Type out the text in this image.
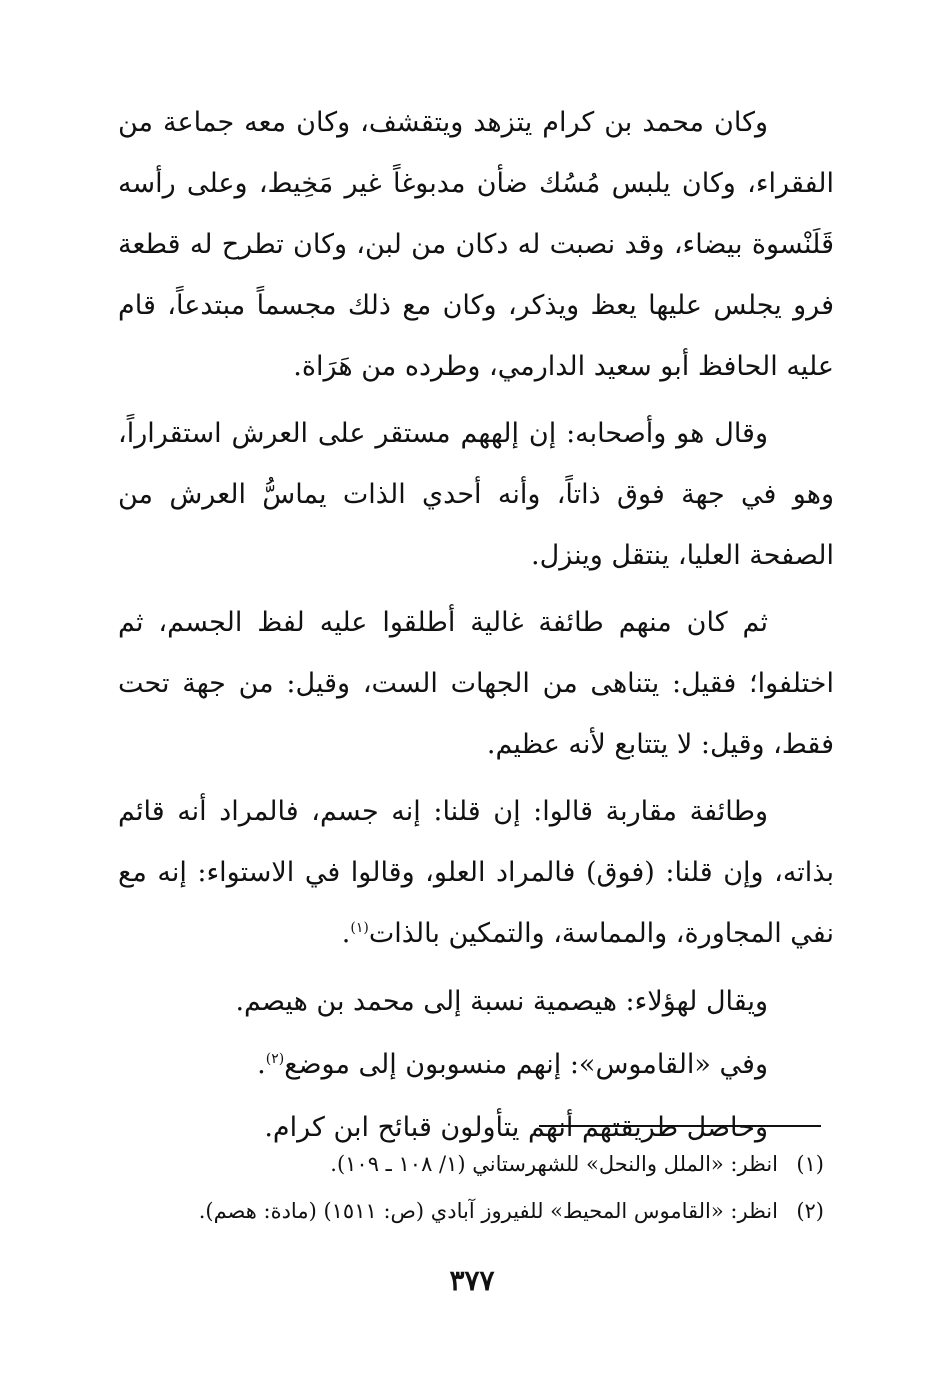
وكان محمد بن كرام يتزهد ويتقشف، وكان معه جماعة من الفقراء، وكان يلبس مُسُك ضأن مدبوغاً غير مَخِيط، وعلى رأسه قَلَنْسوة بيضاء، وقد نصبت له دكان من لبن، وكان تطرح له قطعة فرو يجلس عليها يعظ ويذكر، وكان مع ذلك مجسماً مبتدعاً، قام عليه الحافظ أبو سعيد الدارمي، وطرده من هَرَاة.

وقال هو وأصحابه: إن إلههم مستقر على العرش استقراراً، وهو في جهة فوق ذاتاً، وأنه أحدي الذات يماسُّ العرش من الصفحة العليا، ينتقل وينزل.

ثم كان منهم طائفة غالية أطلقوا عليه لفظ الجسم، ثم اختلفوا؛ فقيل: يتناهى من الجهات الست، وقيل: من جهة تحت فقط، وقيل: لا يتتابع لأنه عظيم.

وطائفة مقاربة قالوا: إن قلنا: إنه جسم، فالمراد أنه قائم بذاته، وإن قلنا: (فوق) فالمراد العلو، وقالوا في الاستواء: إنه مع نفي المجاورة، والمماسة، والتمكين بالذات$^{(١)}$.

ويقال لهؤلاء: هيصمية نسبة إلى محمد بن هيصم.

وفي «القاموس»: إنهم منسوبون إلى موضع$^{(٢)}$.

وحاصل طريقتهم أنهم يتأولون قبائح ابن كرام.

(١)انظر: «الملل والنحل» للشهرستاني (١/ ١٠٨ ـ ١٠٩).

(٢)انظر: «القاموس المحيط» للفيروز آبادي (ص: ١٥١١) (مادة: هصم).

٣٧٧
